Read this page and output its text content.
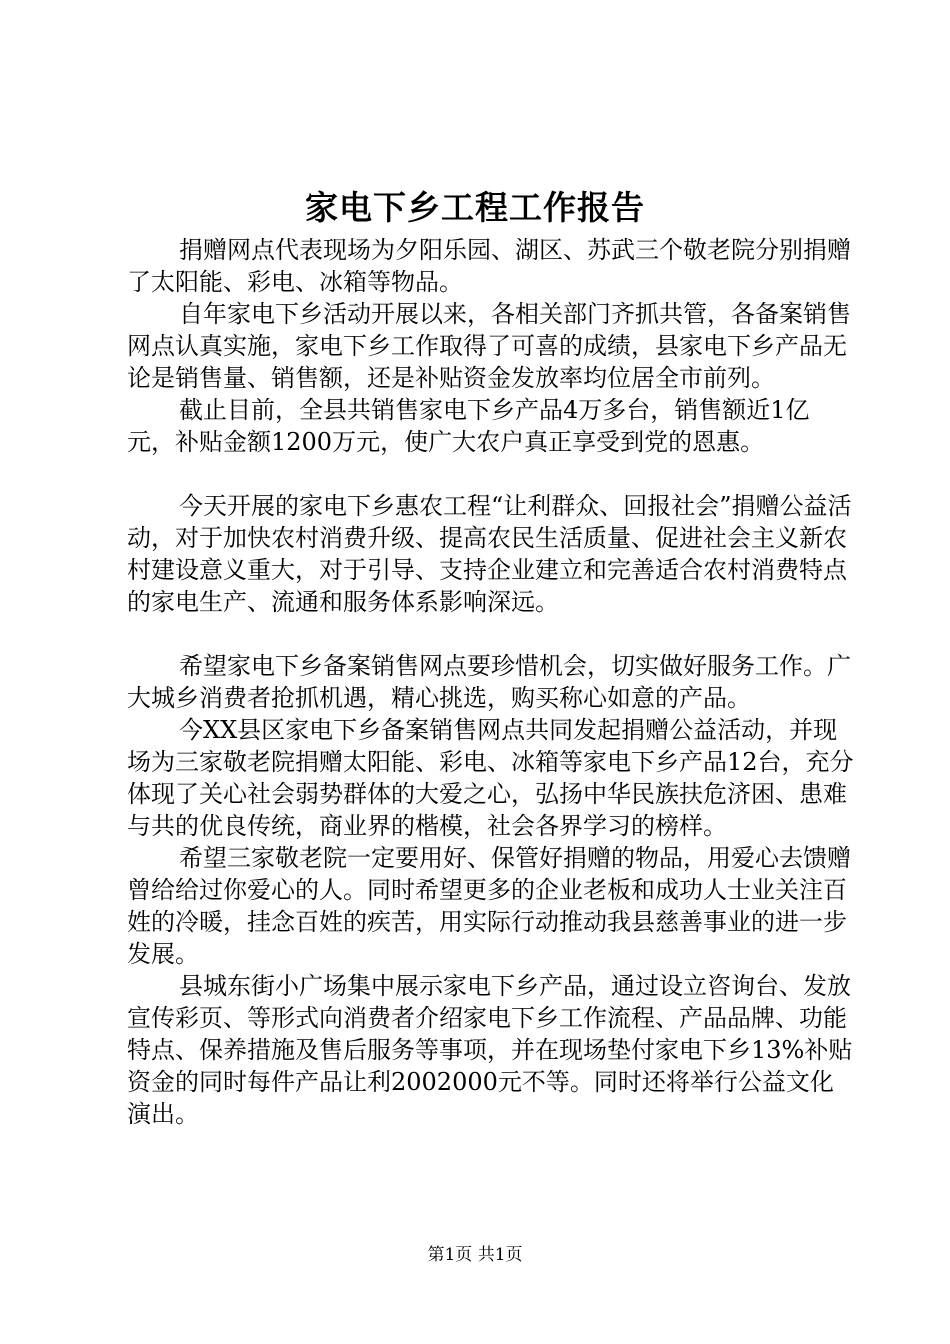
家电下乡工程工作报告

捐赠网点代表现场为夕阳乐园、湖区、苏武三个敬老院分别捐赠了太阳能、彩电、冰箱等物品。

自年家电下乡活动开展以来，各相关部门齐抓共管，各备案销售网点认真实施，家电下乡工作取得了可喜的成绩，县家电下乡产品无论是销售量、销售额，还是补贴资金发放率均位居全市前列。

截止目前，全县共销售家电下乡产品4万多台，销售额近1亿元，补贴金额1200万元，使广大农户真正享受到党的恩惠。

今天开展的家电下乡惠农工程“让利群众、回报社会”捐赠公益活动，对于加快农村消费升级、提高农民生活质量、促进社会主义新农村建设意义重大，对于引导、支持企业建立和完善适合农村消费特点的家电生产、流通和服务体系影响深远。

希望家电下乡备案销售网点要珍惜机会，切实做好服务工作。广大城乡消费者抢抓机遇，精心挑选，购买称心如意的产品。

今XX县区家电下乡备案销售网点共同发起捐赠公益活动，并现场为三家敬老院捐赠太阳能、彩电、冰箱等家电下乡产品12台，充分体现了关心社会弱势群体的大爱之心，弘扬中华民族扶危济困、患难与共的优良传统，商业界的楷模，社会各界学习的榜样。

希望三家敬老院一定要用好、保管好捐赠的物品，用爱心去馈赠曾给给过你爱心的人。同时希望更多的企业老板和成功人士业关注百姓的冷暖，挂念百姓的疾苦，用实际行动推动我县慈善事业的进一步发展。

县城东街小广场集中展示家电下乡产品，通过设立咨询台、发放宣传彩页、等形式向消费者介绍家电下乡工作流程、产品品牌、功能特点、保养措施及售后服务等事项，并在现场垫付家电下乡13%补贴资金的同时每件产品让利2002000元不等。同时还将举行公益文化演出。

第1页 共1页
